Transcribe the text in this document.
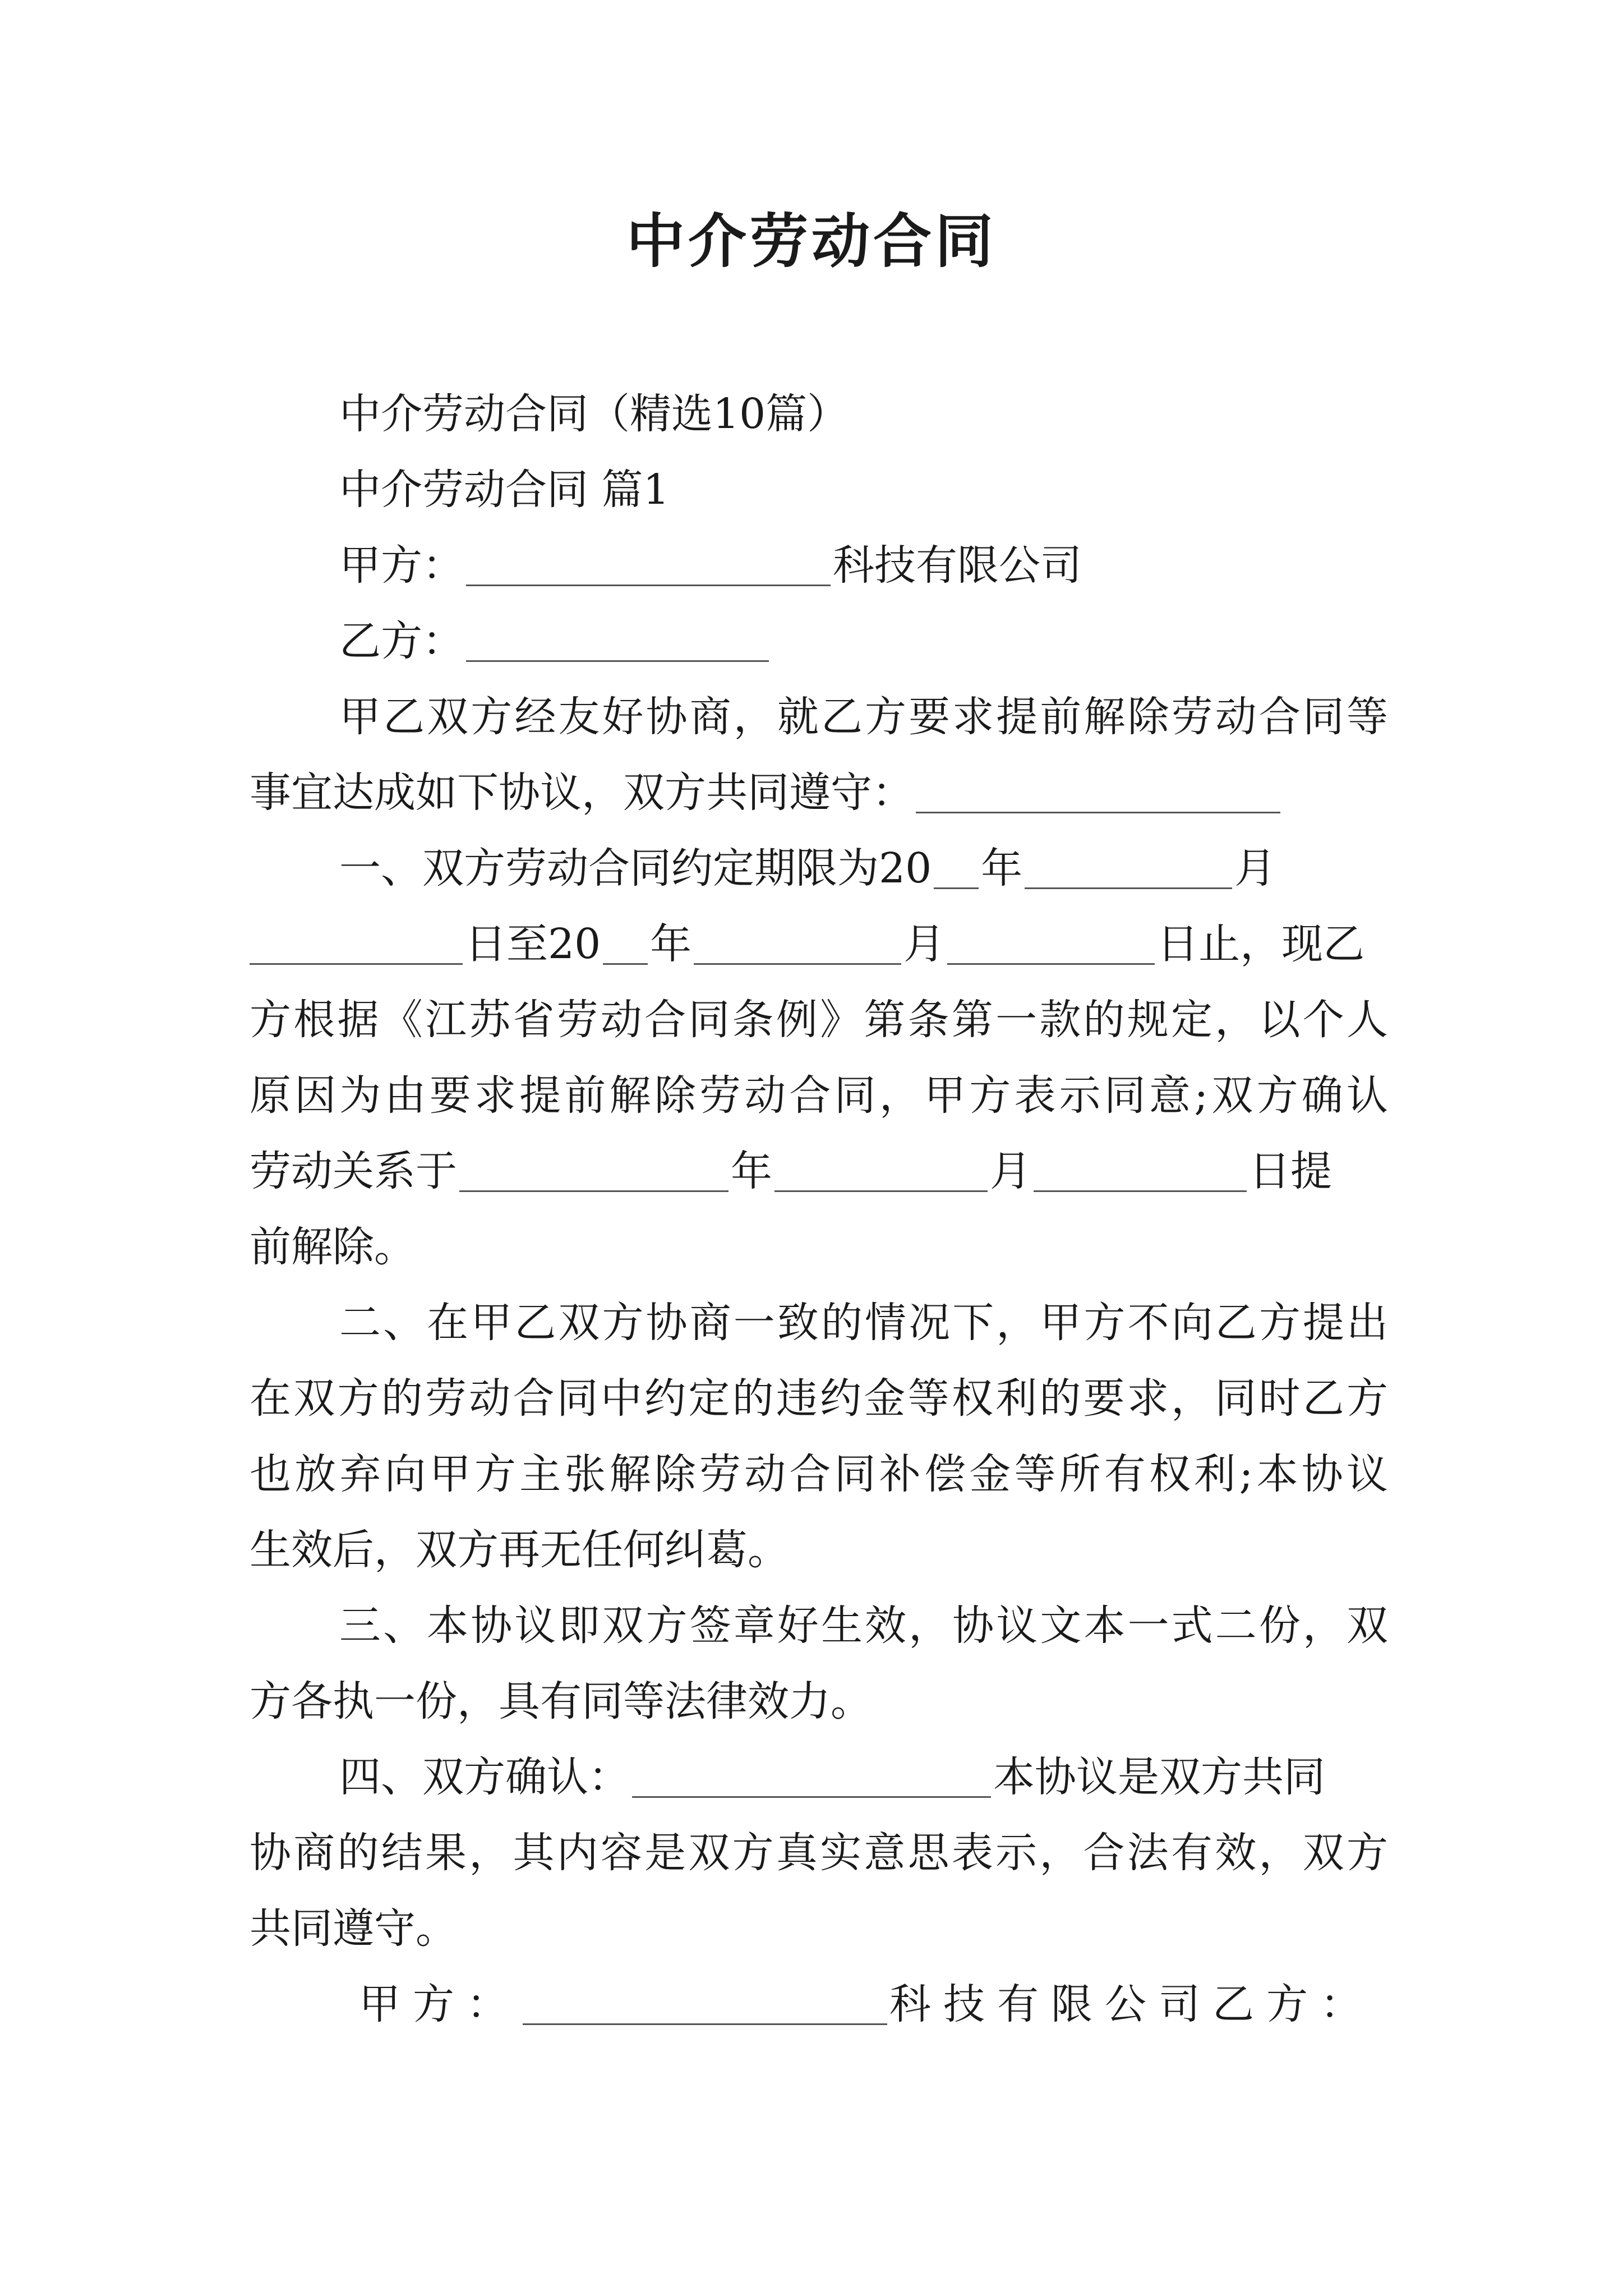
中介劳动合同
中介劳动合同（精选10篇）
中介劳动合同 篇1
甲方：	科技有限公司
乙方：
甲乙双方经友好协商，就乙方要求提前解除劳动合同等
事宜达成如下协议，双方共同遵守：
一、双方劳动合同约定期限为20 年	月
日至20 年	月	日止，现乙
方根据《江苏省劳动合同条例》第条第一款的规定，以个人
原因为由要求提前解除劳动合同，甲方表示同意;双方确认
劳动关系于	年	月	日提
前解除。
二、在甲乙双方协商一致的情况下，甲方不向乙方提出
在双方的劳动合同中约定的违约金等权利的要求，同时乙方
也放弃向甲方主张解除劳动合同补偿金等所有权利;本协议
生效后，双方再无任何纠葛。
三、本协议即双方签章好生效，协议文本一式二份，双
方各执一份，具有同等法律效力。
四、双方确认：	本协议是双方共同
协商的结果，其内容是双方真实意思表示，合法有效，双方
共同遵守。
甲方：	科技有限公司乙方：
